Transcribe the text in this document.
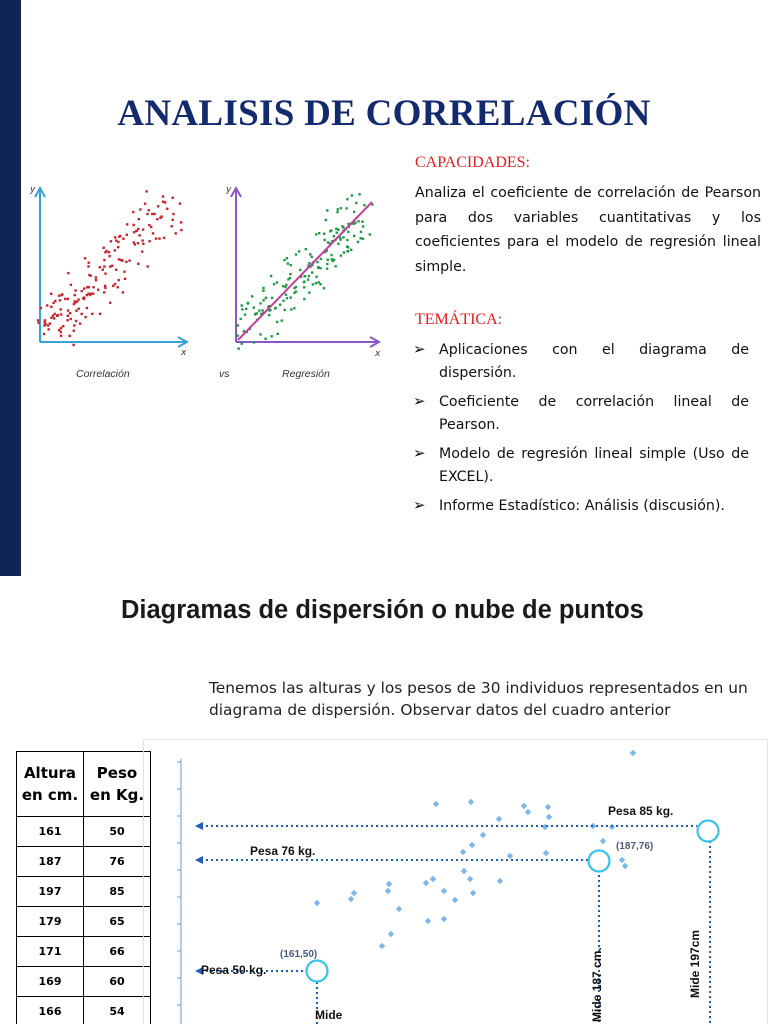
ANALISIS DE CORRELACIÓN
y
x
y
x
Correlación	vs	Regresión
CAPACIDADES:
Analiza el coeficiente de correlación de Pearson para dos variables cuantitativas y los coeficientes para el modelo de regresión lineal simple.
TEMÁTICA:
➢ Aplicaciones con el diagrama de dispersión.
➢ Coeficiente de correlación lineal de Pearson.
➢ Modelo de regresión lineal simple (Uso de EXCEL).
➢ Informe Estadístico: Análisis (discusión).
Diagramas de dispersión o nube de puntos
Tenemos las alturas y los pesos de 30 individuos representados en un diagrama de dispersión. Observar datos del cuadro anterior
Altura en cm.	Peso en Kg.
161	50
187	76
197	85
179	65
171	66
169	60
166	54

Pesa 85 kg.
Pesa 76 kg.
Pesa 50 kg.
(187,76)
(161,50)
Mide	Mide 187 cm.	Mide 197cm
